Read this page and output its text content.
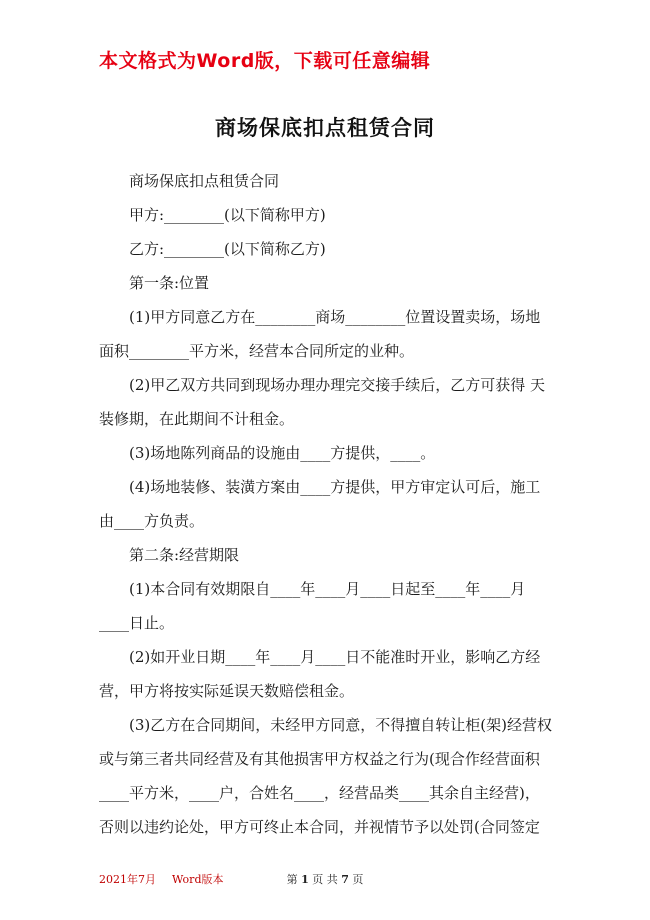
本文格式为Word版，下载可任意编辑
商场保底扣点租赁合同

商场保底扣点租赁合同

甲方:________(以下简称甲方)

乙方:________(以下简称乙方)

第一条:位置

(1)甲方同意乙方在________商场________位置设置卖场，场地面积________平方米，经营本合同所定的业种。

(2)甲乙双方共同到现场办理办理完交接手续后，乙方可获得 天装修期，在此期间不计租金。

(3)场地陈列商品的设施由____方提供，____。

(4)场地装修、装潢方案由____方提供，甲方审定认可后，施工由____方负责。

第二条:经营期限

(1)本合同有效期限自____年____月____日起至____年____月____日止。

(2)如开业日期____年____月____日不能准时开业，影响乙方经营，甲方将按实际延误天数赔偿租金。

(3)乙方在合同期间，未经甲方同意，不得擅自转让柜(架)经营权或与第三者共同经营及有其他损害甲方权益之行为(现合作经营面积____平方米，____户，合姓名____，经营品类____其余自主经营)，否则以违约论处，甲方可终止本合同，并视情节予以处罚(合同签定

2021年7月 Word版本	第 1 页 共 7 页
